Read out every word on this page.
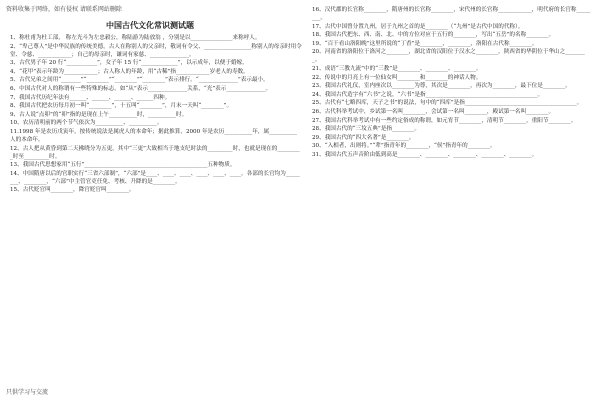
资料收集于网络，如有侵权 请联系网站删除
中国古代文化常识测试题
1、称杜甫为杜工部， 称左光斗为左忠毅公，称陆游为陆放翁 ，分别是以_______________来称呼人。
2、“卑己尊人”是中华民族的传统美德，古人在称别人的父亲时，敬词有令父、_________________称别人的母亲时用令堂、令慈、____________；自己的母亲时，谦词有家慈、______________。
3、古代男子年 20 行“___________”，女子年 15 行“_____________”，以示成年，以便于婚嫁。
4、“花甲”表示年龄为____________；古人称人的年龄，用“古稀”指____________岁老人的寿数。
5、古代兄弟之间用“_______”“________”“________”“________”表示排行。“______________”表示最小。
6、中国古代对人的称谓有一些特殊的标志。如“从”表示______________关系，“光”表示______________。
7、我国古代历纪年法有______、______、______、______四种。
8、我国古代把农历每月初一叫“________”，十五叫“________”，月末一天叫“________”。
9、古人说“点卯”的“卯”指的是现在上午__________时，__________时。
10、农历清明前的两个节气依次为__________、__________。
11.1998 年是农历戊寅年，按传统说法是属虎人的本命年；据此推算，2000 年是农历__________年，属__________人的本命年。
12、古人把从黄昏到第二天拂晓分为五更。其中“三更”大致相当于地支纪时法的_________时，也就是现在的_________时至_________时。
13、我国古代思想家用“五行”____________________________________________五种物质。
14、中国隋唐以后的官职实行“三省六部制”，“六部”是____、____、____、____、____、____。各部的长官均为________、________，“六部”中主管官吏任免、考核、升降的是________。
15、古代贬官叫________，降官贬官叫________。
16、汉代郡的长官称________，隋唐州的长官称________，宋代州的长官称____________，明代府的长官称________。
17、古代中国曾分置九州，居于九州之首的是________（“九州”是古代中国的代称）。
18、我国古代把东、西、南、北、中的方位对应于五行的________，写出“五岳”的名称________。
19、“百干看山洛阳晚”这里所说的“丁香”是________，________，洛阳在古代称________。
20、河南省的洛阳位于洛河之________，湖北省的汉阳位于汉水之________，陕西省的华阴位于华山之________。
21、成语“三教九流”中的“三教”是________、________、________。
22、传说中的月亮上有一位仙女叫________和________的神话人物。
23、我国古代礼仪，室内座次以________为尊，其次是________，再次为________，最下位是________。
24、我国古代造字有“六书”之说，“六书”是指________________________________________。
25、古代有“七略四库，天子之书”的说法，句中的“四库”是指________________________________________。
26、古代科举考试中，乡试第一名叫________，会试第一名叫________，殿试第一名叫________。
27、我国古代科举考试中有一些约定俗成的称谓，如元宵节________，清明节________，重阳节________。
28、我国古代的“三坟五典”是指________。
29、我国古代的“四大名著”是________。
30、“入相者，出则将。”“辈”指青年的________，“侯”指青年的________。
31、我国古代五声音阶由低到高是________、________、________、________、________。
只供学习与交流
